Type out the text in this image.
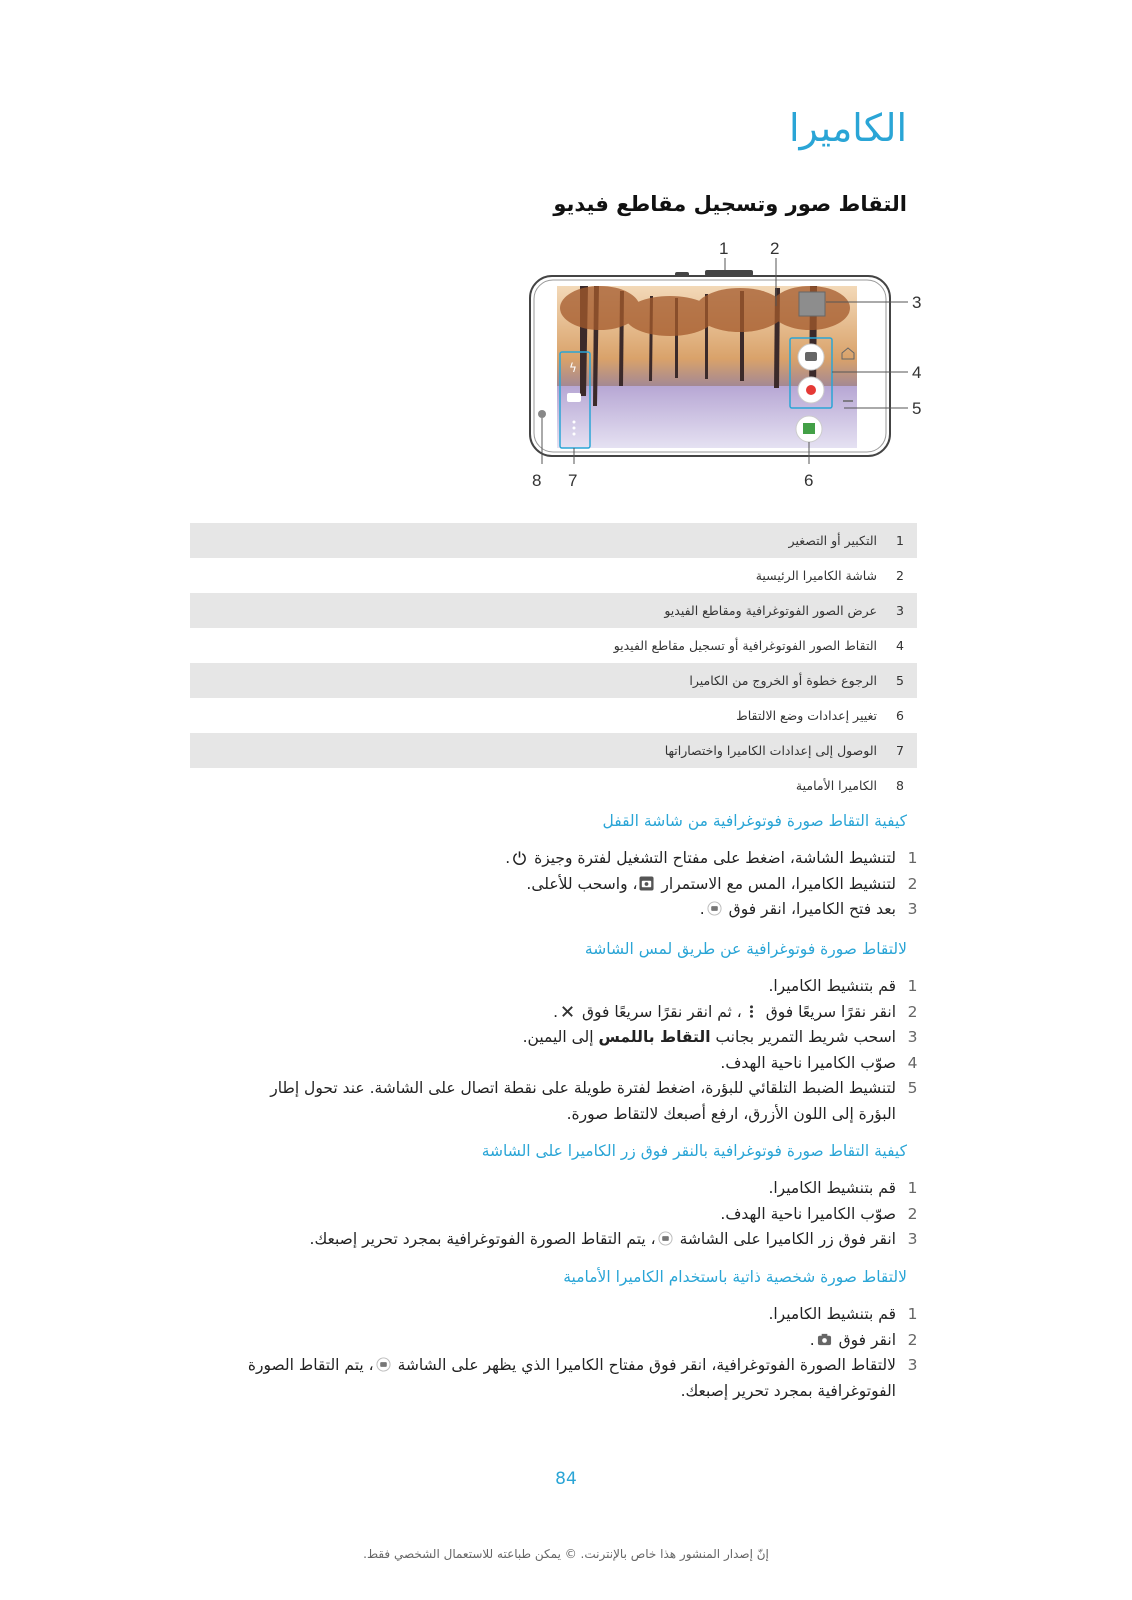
الكاميرا
التقاط صور وتسجيل مقاطع فيديو
1 2
ϟ
3
4
5
6
7
8
1
التكبير أو التصغير
2
شاشة الكاميرا الرئيسية
3
عرض الصور الفوتوغرافية ومقاطع الفيديو
4
التقاط الصور الفوتوغرافية أو تسجيل مقاطع الفيديو
5
الرجوع خطوة أو الخروج من الكاميرا
6
تغيير إعدادات وضع الالتقاط
7
الوصول إلى إعدادات الكاميرا واختصاراتها
8
الكاميرا الأمامية
كيفية التقاط صورة فوتوغرافية من شاشة القفل
1
لتنشيط الشاشة، اضغط على مفتاح التشغيل لفترة وجيزة .
2
لتنشيط الكاميرا، المس مع الاستمرار ، واسحب للأعلى.
3
بعد فتح الكاميرا، انقر فوق .
لالتقاط صورة فوتوغرافية عن طريق لمس الشاشة
1
قم بتنشيط الكاميرا.
2
انقر نقرًا سريعًا فوق ، ثم انقر نقرًا سريعًا فوق .
3
اسحب شريط التمرير بجانب التقاط باللمس إلى اليمين.
4
صوّب الكاميرا ناحية الهدف.
5
لتنشيط الضبط التلقائي للبؤرة، اضغط لفترة طويلة على نقطة اتصال على الشاشة. عند تحول إطار البؤرة إلى اللون الأزرق، ارفع أصبعك لالتقاط صورة.
كيفية التقاط صورة فوتوغرافية بالنقر فوق زر الكاميرا على الشاشة
1
قم بتنشيط الكاميرا.
2
صوّب الكاميرا ناحية الهدف.
3
انقر فوق زر الكاميرا على الشاشة ، يتم التقاط الصورة الفوتوغرافية بمجرد تحرير إصبعك.
لالتقاط صورة شخصية ذاتية باستخدام الكاميرا الأمامية
1
قم بتنشيط الكاميرا.
2
انقر فوق .
3
لالتقاط الصورة الفوتوغرافية، انقر فوق مفتاح الكاميرا الذي يظهر على الشاشة ، يتم التقاط الصورة الفوتوغرافية بمجرد تحرير إصبعك.
84
إنّ إصدار المنشور هذا خاص بالإنترنت. © يمكن طباعته للاستعمال الشخصي فقط.
